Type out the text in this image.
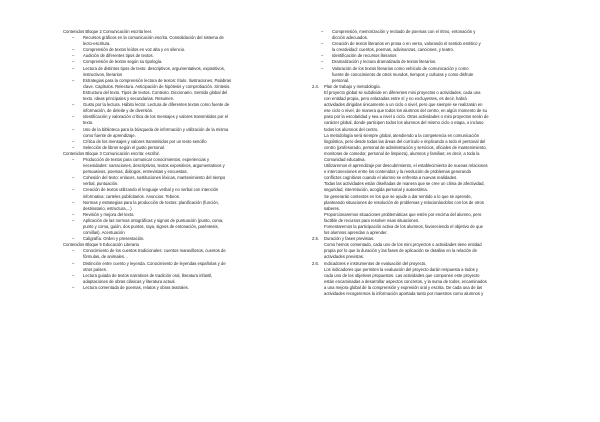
Contenidos Bloque 2 Comunicación escrita leer.
– Recursos gráficos en la comunicación escrita. Consolidación del sistema de
lecto-escritura.
– Comprensión de textos leídos en voz alta y en silencio.
– Audición de diferentes tipos de textos.
– Comprensión de textos según su tipología.
– Lectura de distintos tipos de texto: descriptivos, argumentativos, expositivos,
instructivos, literarios
– Estrategias para la comprensión lectora de textos: título. Ilustraciones. Palabras
clave. Capítulos. Relectura. Anticipación de hipótesis y comprobación. Síntesis.
Estructura del texto. Tipos de textos. Contexto. Diccionario. Sentido global del
texto. Ideas principales y secundarias. Resumen.
– Gusto por la lectura. Hábito lector. Lectura de diferentes textos como fuente de
información, de deleite y de diversión.
– Identificación y valoración crítica de los mensajes y valores transmitidos por el
texto.
– Uso de la biblioteca para la búsqueda de información y utilización de la misma
como fuente de aprendizaje.
– Crítica de los mensajes y valores transmitidos por un texto sencillo
– Selección de libros según el gusto personal.
Contenidos Bloque 3 Comunicación escrita: escribir.
– Producción de textos para comunicar conocimientos, experiencias y
necesidades: narraciones, descriptivos, textos expositivos, argumentativos y
persuasivos, poemas, diálogos, entrevistas y encuestas.
– Cohesión del texto: enlaces, sustituciones léxicas, mantenimiento del tiempo
verbal, puntuación.
– Creación de textos utilizando el lenguaje verbal y no verbal con intención
informativa: carteles publicitarios. Anuncios. Tebeos.
– Normas y estrategias para la producción de textos: planificación (función,
destinatario, estructura,...)
– Revisión y mejora del texto.
– Aplicación de las normas ortográficas y signos de puntuación (punto, coma,
punto y coma, guión, dos puntos, raya, signos de entonación, paréntesis,
comillas). Acentuación
– Caligrafía. Orden y presentación.
Contenidos Bloque 5 Educación Literaria
– Conocimiento de los cuentos tradicionales: cuentos maravillosos, cuentos de
fórmulas, de animales…
– Distinción entre cuento y leyenda. Conocimiento de leyendas españolas y de
otros países.
– Lectura guiada de textos narrativos de tradición oral, literatura infantil,
adaptaciones de obras clásicas y literatura actual.
– Lectura comentada de poemas, relatos y obras teatrales.
– Comprensión, memorización y recitado de poemas con el ritmo, entonación y
dicción adecuados.
– Creación de textos literarios en prosa o en verso, valorando el sentido estético y
la creatividad: cuentos, poemas, adivinanzas, canciones, y teatro.
– Identificación de recursos literarios
– Dramatización y lectura dramatizada de textos literarios.
– Valoración de los textos literarios como vehículo de comunicación y como
fuente de conocimiento de otros mundos, tiempos y culturas y como disfrute
personal.
2.4. Plan de trabajo y metodología.
El proyecto global se subdivide en diferentes mini proyectos o actividades, cada una
con entidad propia, pero enlazadas entre sí y no excluyentes, es decir, habrá
actividades dirigidas únicamente a un ciclo o nivel, pero que siempre se realizarán en
ese ciclo o nivel, de manera que todos los alumnos del centro, en algún momento de su
paso por la escolaridad y sea a nivel o ciclo. Otras actividades o mini proyectos serán de
carácter global, donde participen todos los alumnos del mismo ciclo o etapa, o incluso
todos los alumnos del centro.
La metodología será siempre global, atendiendo a la competencia en comunicación
lingüística, pero desde todas las áreas del currículo e implicando a todo el personal del
centro (profesorado, personal de administración y servicios, oficiales de mantenimiento,
monitoras de comedor, personal de limpieza), alumnos y familias; es decir, a toda la
Comunidad educativa.
Utilizaremos el aprendizaje por descubrimiento, el establecimiento de nuevas relaciones
e interconexiones entre los contenidos y la resolución de problemas generando
conflictos cognitivos cuando el alumno se enfrenta a nuevas realidades.
Todas las actividades están diseñadas de manera que se cree un clima de afectividad,
seguridad, interrelación, acogida personal y autoestima.
Se generarán contextos en los que se ayude a dar sentido a lo que se aprende,
planteando situaciones de resolución de problemas y relacionándolos con los de otros
saberes.
Proporcionaremos situaciones problemáticas que estén por encima del alumno, pero
factible de recursos para resolver esas situaciones.
Fomentaremos la participación activa de los alumnos, favoreciendo el objetivo de que
los alumnos aprendan a aprender.
2.5. Duración y fases previstas.
Como hemos comentado, cada uno de los mini proyectos o actividades tiene entidad
propia por lo que la duración y las fases de aplicación se detallan en la relación de
actividades previstas.
2.6. Indicadores e instrumentos de evaluación del proyecto.
Los indicadores que permiten la evaluación del proyecto darán respuesta a todos y
cada uno de los objetivos propuestos. Las actividades que componen este proyecto
están encaminadas a desarrollar aspectos concretos, y la suma de todos, encaminados
a una mejora global de la comprensión y expresión oral y escrita. De cada una de las
actividades recogeremos la información aportada tanto por maestros como alumnos y
